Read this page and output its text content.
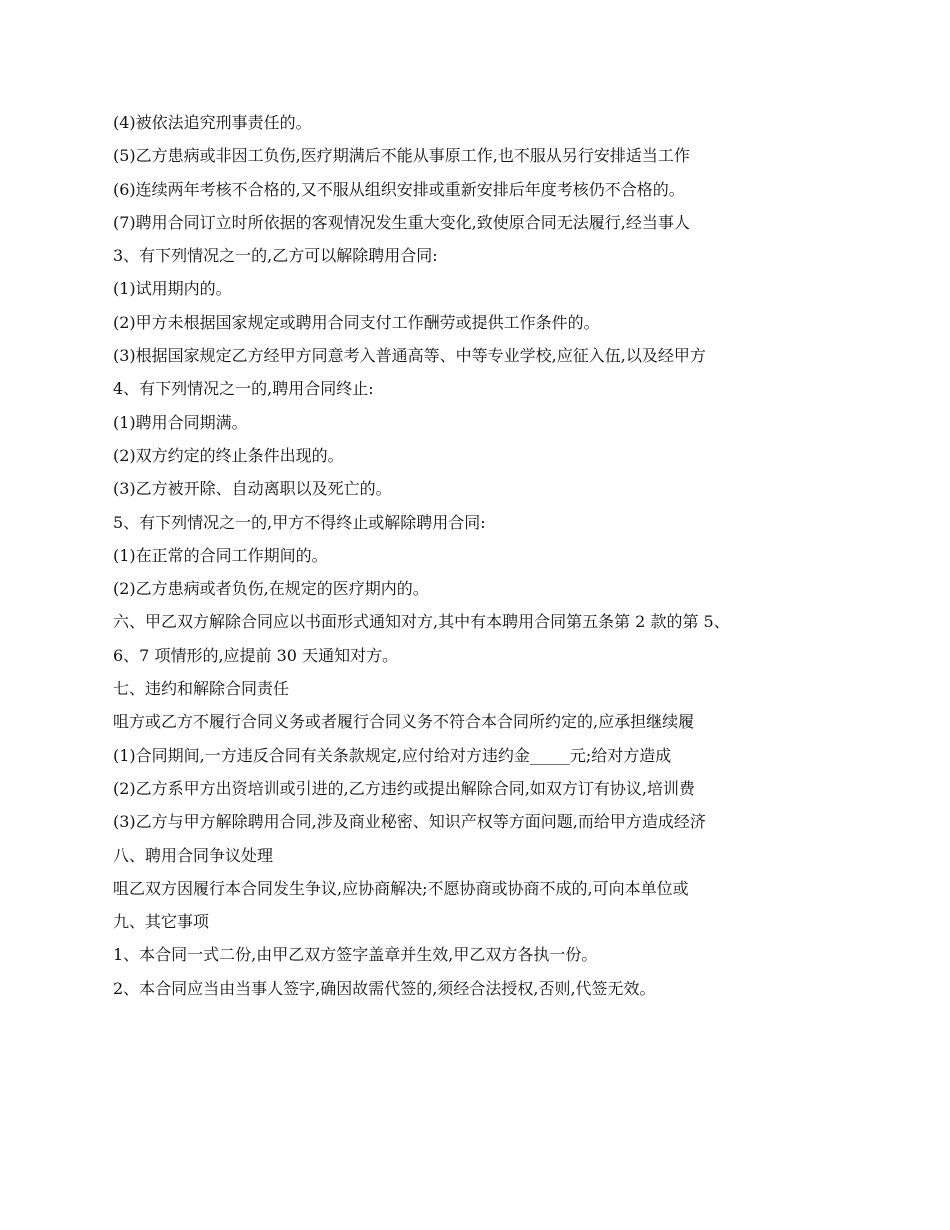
(4)被依法追究刑事责任的。

(5)乙方患病或非因工负伤,医疗期满后不能从事原工作,也不服从另行安排适当工作

(6)连续两年考核不合格的,又不服从组织安排或重新安排后年度考核仍不合格的。

(7)聘用合同订立时所依据的客观情况发生重大变化,致使原合同无法履行,经当事人

3、有下列情况之一的,乙方可以解除聘用合同:

(1)试用期内的。

(2)甲方未根据国家规定或聘用合同支付工作酬劳或提供工作条件的。

(3)根据国家规定乙方经甲方同意考入普通高等、中等专业学校,应征入伍,以及经甲方

4、有下列情况之一的,聘用合同终止:

(1)聘用合同期满。

(2)双方约定的终止条件出现的。

(3)乙方被开除、自动离职以及死亡的。

5、有下列情况之一的,甲方不得终止或解除聘用合同:

(1)在正常的合同工作期间的。

(2)乙方患病或者负伤,在规定的医疗期内的。

六、甲乙双方解除合同应以书面形式通知对方,其中有本聘用合同第五条第 2 款的第 5、

6、7 项情形的,应提前 30 天通知对方。

七、违约和解除合同责任

咀方或乙方不履行合同义务或者履行合同义务不符合本合同所约定的,应承担继续履

(1)合同期间,一方违反合同有关条款规定,应付给对方违约金_____元;给对方造成

(2)乙方系甲方出资培训或引进的,乙方违约或提出解除合同,如双方订有协议,培训费

(3)乙方与甲方解除聘用合同,涉及商业秘密、知识产权等方面问题,而给甲方造成经济

八、聘用合同争议处理

咀乙双方因履行本合同发生争议,应协商解决;不愿协商或协商不成的,可向本单位或

九、其它事项

1、本合同一式二份,由甲乙双方签字盖章并生效,甲乙双方各执一份。

2、本合同应当由当事人签字,确因故需代签的,须经合法授权,否则,代签无效。
